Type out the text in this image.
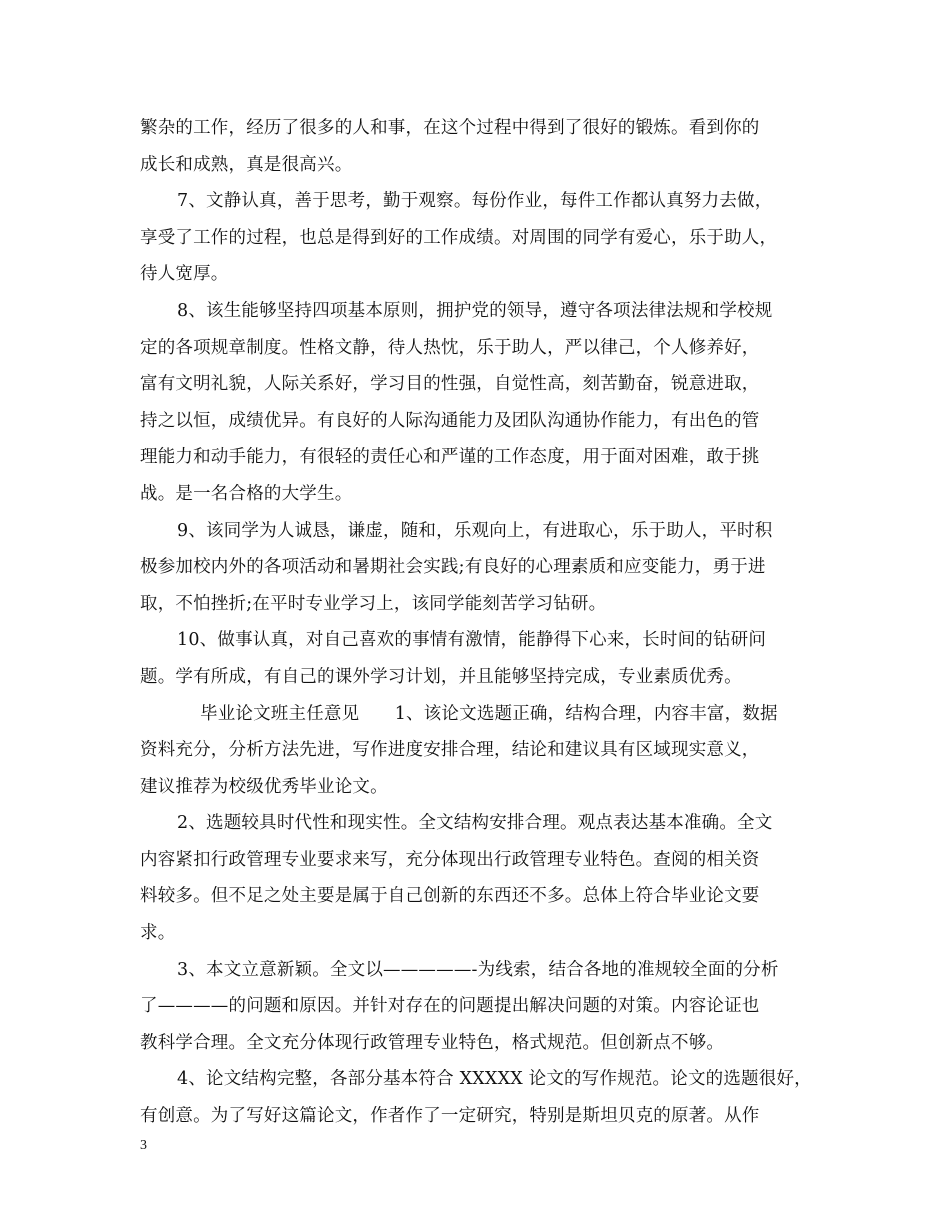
繁杂的工作，经历了很多的人和事，在这个过程中得到了很好的锻炼。看到你的
成长和成熟，真是很高兴。
7、文静认真，善于思考，勤于观察。每份作业，每件工作都认真努力去做，
享受了工作的过程，也总是得到好的工作成绩。对周围的同学有爱心，乐于助人，
待人宽厚。
8、该生能够坚持四项基本原则，拥护党的领导，遵守各项法律法规和学校规
定的各项规章制度。性格文静，待人热忱，乐于助人，严以律己，个人修养好，
富有文明礼貌，人际关系好，学习目的性强，自觉性高，刻苦勤奋，锐意进取，
持之以恒，成绩优异。有良好的人际沟通能力及团队沟通协作能力，有出色的管
理能力和动手能力，有很轻的责任心和严谨的工作态度，用于面对困难，敢于挑
战。是一名合格的大学生。
9、该同学为人诚恳，谦虚，随和，乐观向上，有进取心，乐于助人，平时积
极参加校内外的各项活动和暑期社会实践;有良好的心理素质和应变能力，勇于进
取，不怕挫折;在平时专业学习上，该同学能刻苦学习钻研。
10、做事认真，对自己喜欢的事情有激情，能静得下心来，长时间的钻研问
题。学有所成，有自己的课外学习计划，并且能够坚持完成，专业素质优秀。
毕业论文班主任意见　　1、该论文选题正确，结构合理，内容丰富，数据
资料充分，分析方法先进，写作进度安排合理，结论和建议具有区域现实意义，
建议推荐为校级优秀毕业论文。
2、选题较具时代性和现实性。全文结构安排合理。观点表达基本准确。全文
内容紧扣行政管理专业要求来写，充分体现出行政管理专业特色。查阅的相关资
料较多。但不足之处主要是属于自己创新的东西还不多。总体上符合毕业论文要
求。
3、本文立意新颖。全文以—————-为线索，结合各地的准规较全面的分析
了————的问题和原因。并针对存在的问题提出解决问题的对策。内容论证也
教科学合理。全文充分体现行政管理专业特色，格式规范。但创新点不够。
4、论文结构完整，各部分基本符合 XXXXX 论文的写作规范。论文的选题很好，
有创意。为了写好这篇论文，作者作了一定研究，特别是斯坦贝克的原著。从作
3
